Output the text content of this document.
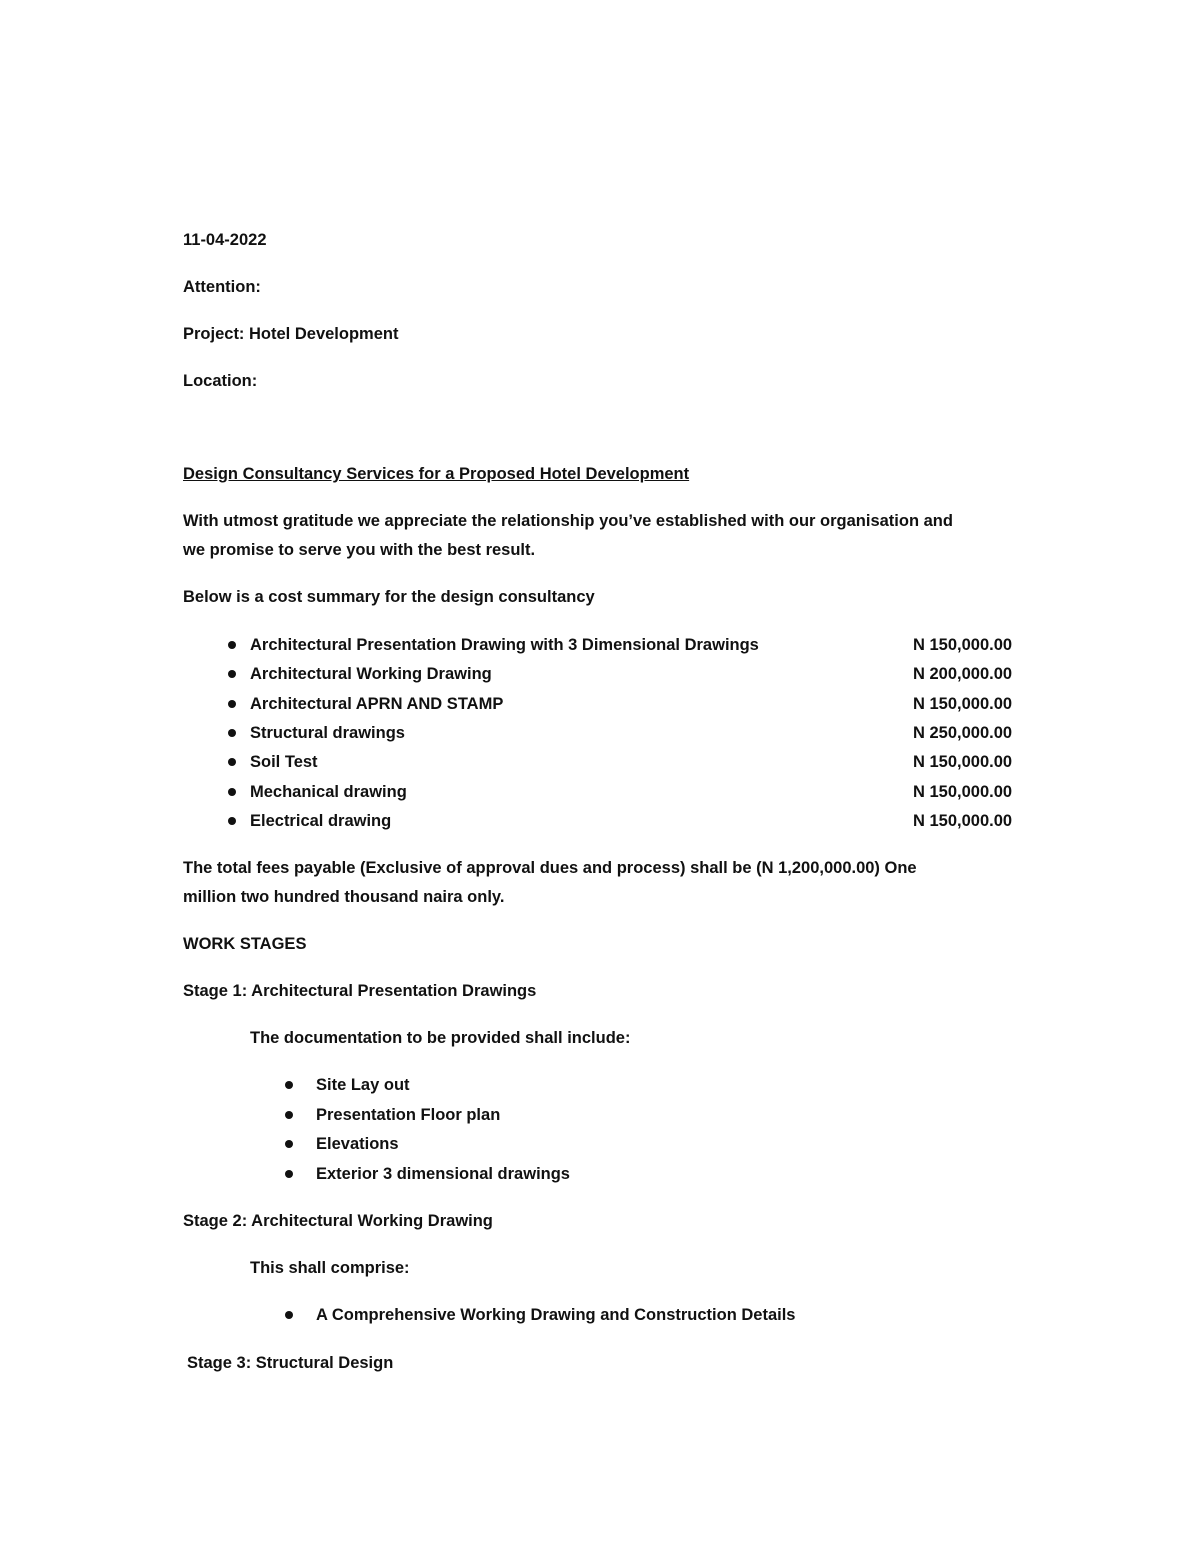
11-04-2022
Attention:
Project: Hotel Development
Location:
Design Consultancy Services for a Proposed Hotel Development
With utmost gratitude we appreciate the relationship you’ve established with our organisation and
we promise to serve you with the best result.
Below is a cost summary for the design consultancy
Architectural Presentation Drawing with 3 Dimensional Drawings	N 150,000.00
Architectural Working Drawing	N 200,000.00
Architectural APRN AND STAMP	N 150,000.00
Structural drawings	N 250,000.00
Soil Test	N 150,000.00
Mechanical drawing	N 150,000.00
Electrical drawing	N 150,000.00
The total fees payable (Exclusive of approval dues and process) shall be (N 1,200,000.00) One
million two hundred thousand naira only.
WORK STAGES
Stage 1: Architectural Presentation Drawings
The documentation to be provided shall include:
Site Lay out
Presentation Floor plan
Elevations
Exterior 3 dimensional drawings
Stage 2: Architectural Working Drawing
This shall comprise:
A Comprehensive Working Drawing and Construction Details
Stage 3: Structural Design
